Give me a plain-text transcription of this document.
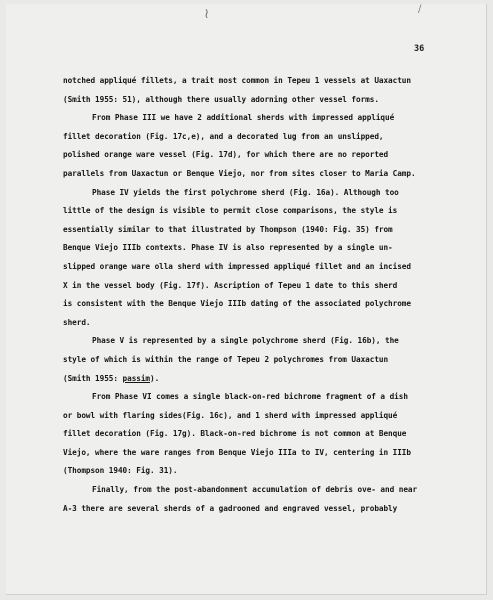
≀	/
36
notched appliqué fillets, a trait most common in Tepeu 1 vessels at Uaxactun
(Smith 1955: 51), although there usually adorning other vessel forms.
From Phase III we have 2 additional sherds with impressed appliqué
fillet decoration (Fig. 17c,e), and a decorated lug from an unslipped,
polished orange ware vessel (Fig. 17d), for which there are no reported
parallels from Uaxactun or Benque Viejo, nor from sites closer to Maria Camp.
Phase IV yields the first polychrome sherd (Fig. 16a). Although too
little of the design is visible to permit close comparisons, the style is
essentially similar to that illustrated by Thompson (1940: Fig. 35) from
Benque Viejo IIIb contexts. Phase IV is also represented by a single un-
slipped orange ware olla sherd with impressed appliqué fillet and an incised
X in the vessel body (Fig. 17f). Ascription of Tepeu 1 date to this sherd
is consistent with the Benque Viejo IIIb dating of the associated polychrome
sherd.
Phase V is represented by a single polychrome sherd (Fig. 16b), the
style of which is within the range of Tepeu 2 polychromes from Uaxactun
(Smith 1955: passim).
From Phase VI comes a single black-on-red bichrome fragment of a dish
or bowl with flaring sides(Fig. 16c), and 1 sherd with impressed appliqué
fillet decoration (Fig. 17g). Black-on-red bichrome is not common at Benque
Viejo, where the ware ranges from Benque Viejo IIIa to IV, centering in IIIb
(Thompson 1940: Fig. 31).
Finally, from the post-abandonment accumulation of debris ove- and near
A-3 there are several sherds of a gadrooned and engraved vessel, probably
